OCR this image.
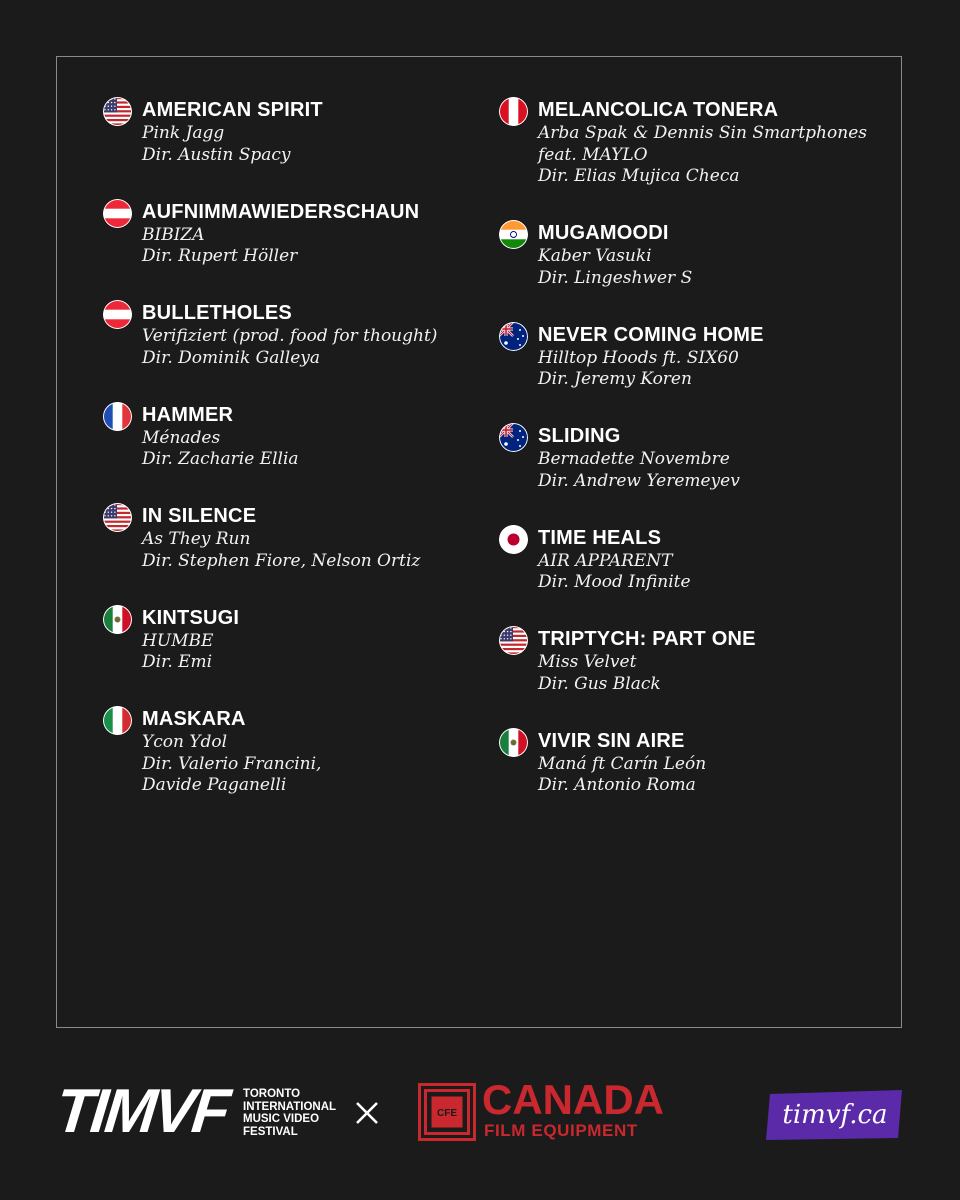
AMERICAN SPIRIT
Pink Jagg
Dir. Austin Spacy
AUFNIMMAWIEDERSCHAUN
BIBIZA
Dir. Rupert Höller
BULLETHOLES
Verifiziert (prod. food for thought)
Dir. Dominik Galleya
HAMMER
Ménades
Dir. Zacharie Ellia
IN SILENCE
As They Run
Dir. Stephen Fiore, Nelson Ortiz
KINTSUGI
HUMBE
Dir. Emi
MASKARA
Ycon Ydol
Dir. Valerio Francini,
Davide Paganelli
MELANCOLICA TONERA
Arba Spak & Dennis Sin Smartphones
feat. MAYLO
Dir. Elias Mujica Checa
MUGAMOODI
Kaber Vasuki
Dir. Lingeshwer S
NEVER COMING HOME
Hilltop Hoods ft. SIX60
Dir. Jeremy Koren
SLIDING
Bernadette Novembre
Dir. Andrew Yeremeyev
TIME HEALS
AIR APPARENT
Dir. Mood Infinite
TRIPTYCH: PART ONE
Miss Velvet
Dir. Gus Black
VIVIR SIN AIRE
Maná ft Carín León
Dir. Antonio Roma
TIMVF TORONTO
INTERNATIONAL
MUSIC VIDEO
FESTIVAL
CFE CANADA
FILM EQUIPMENT
timvf.ca
